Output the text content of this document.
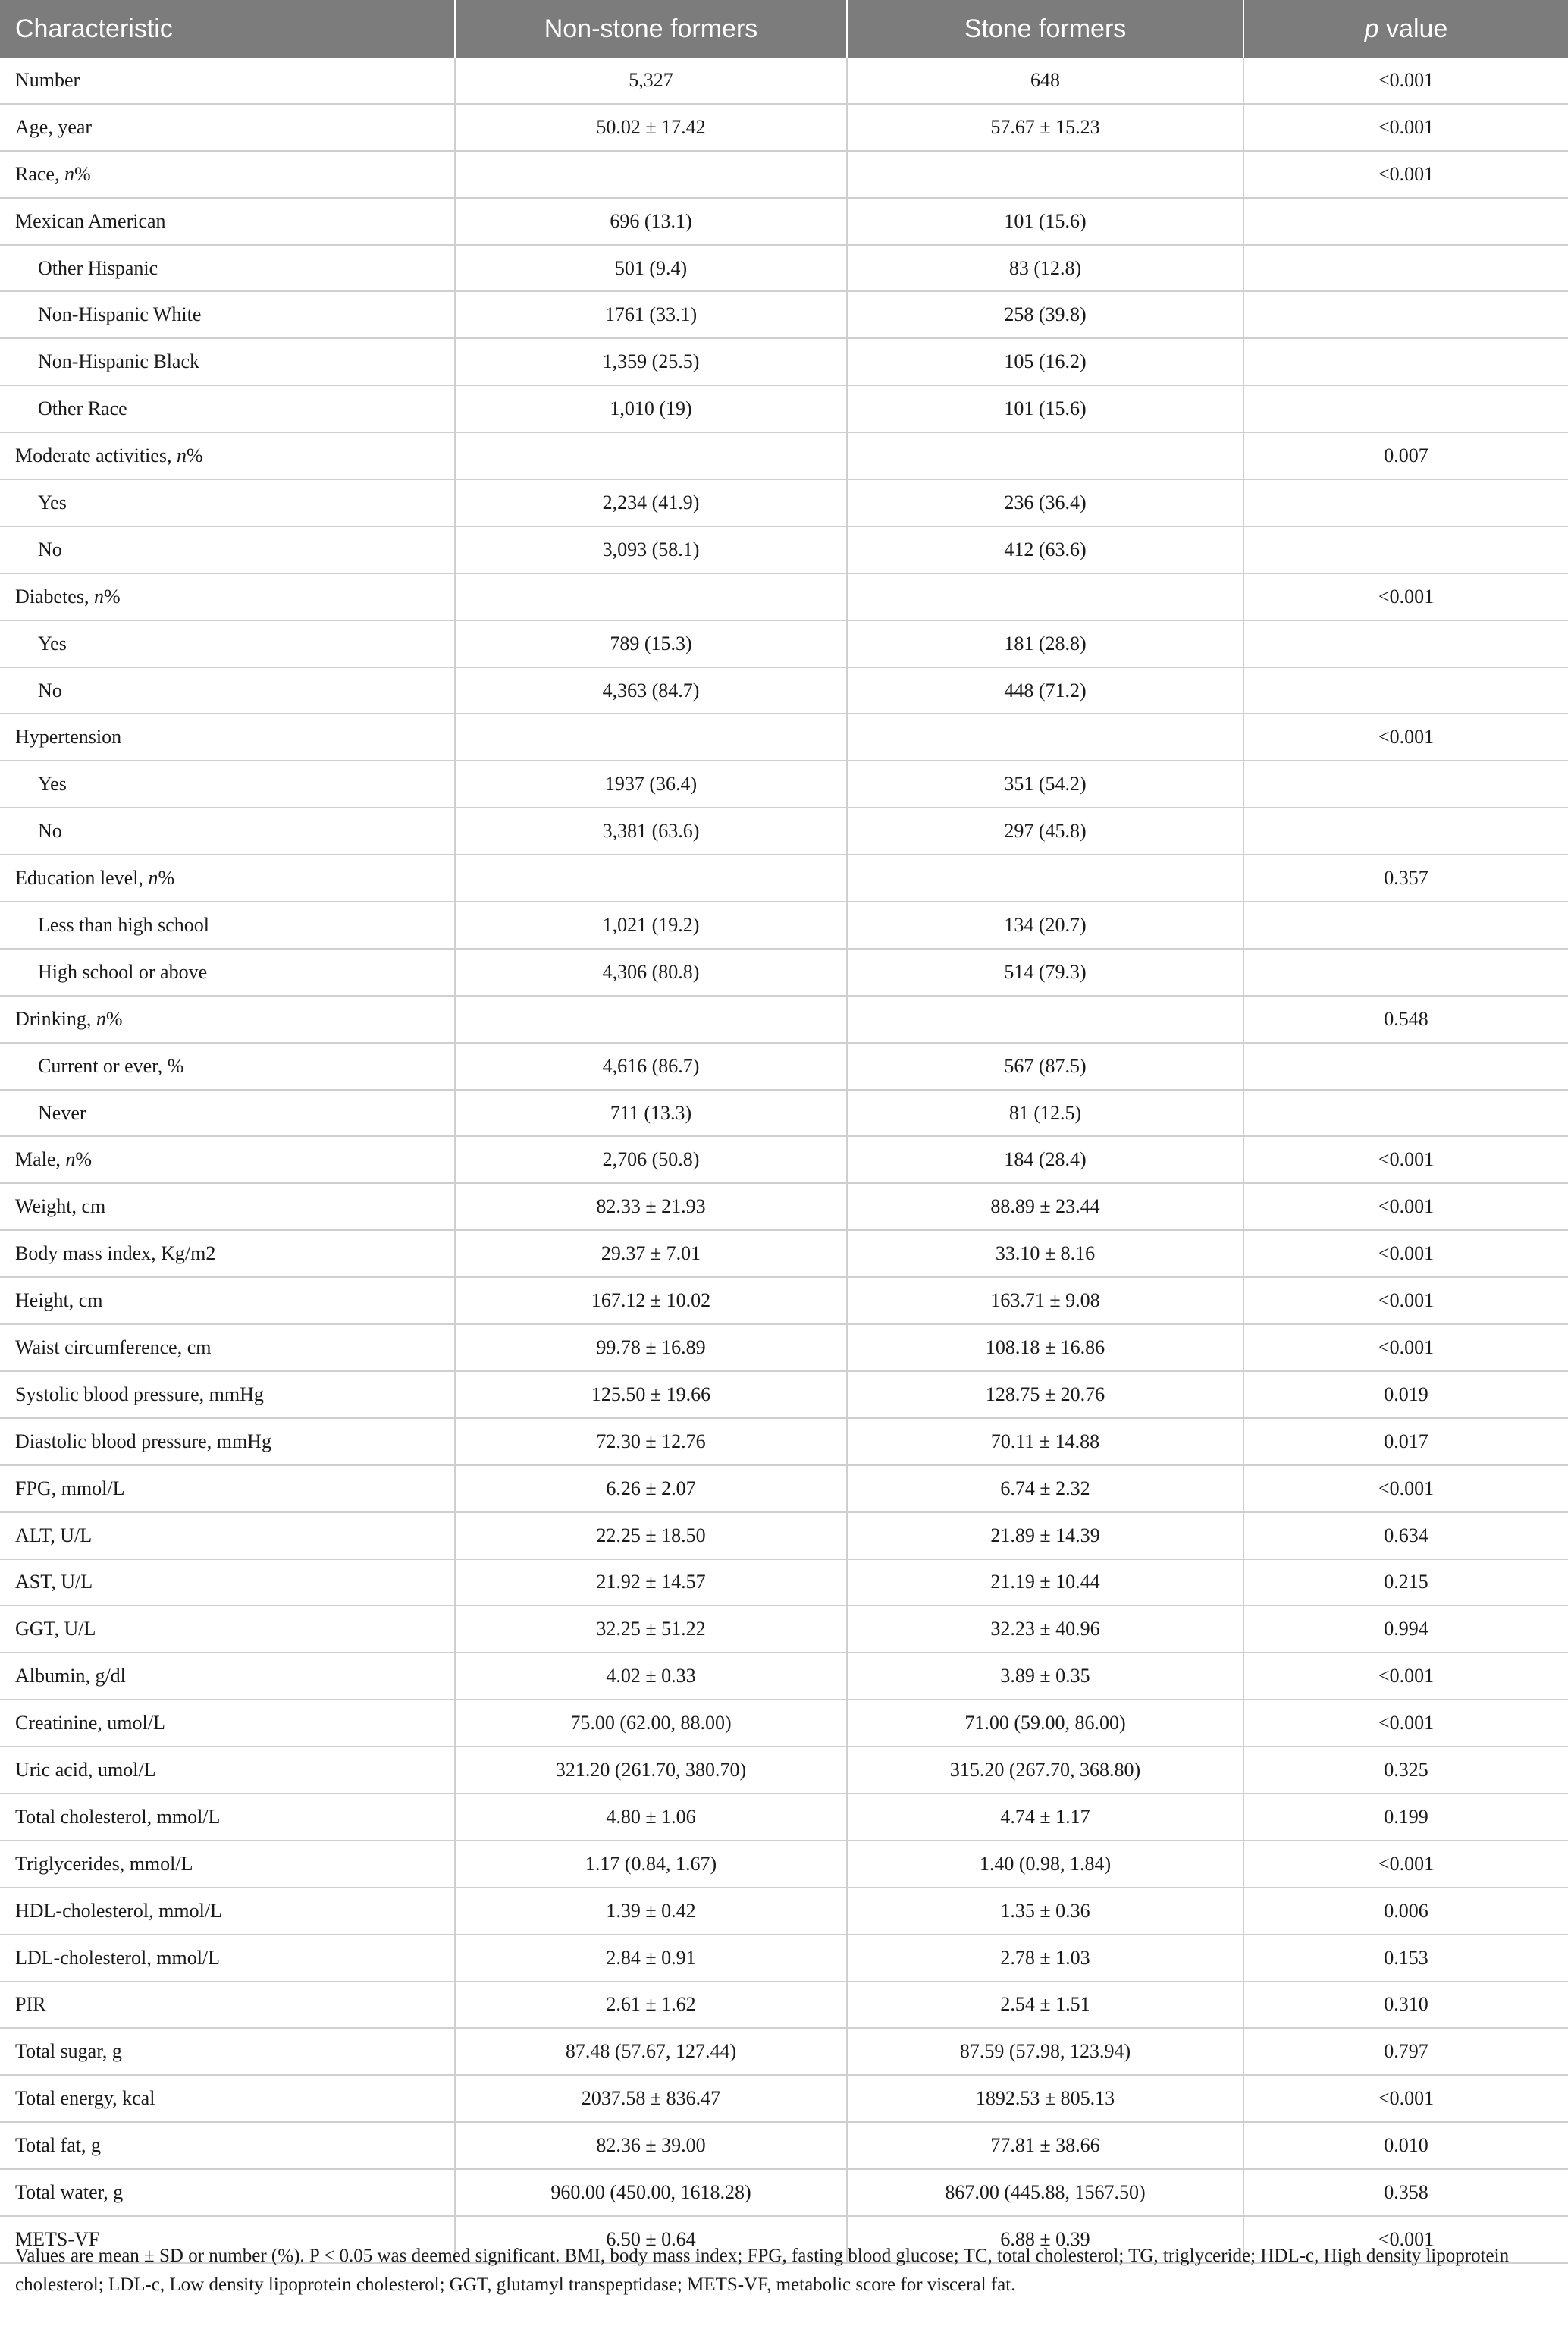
Characteristic	Non-stone formers	Stone formers	p value
Number	5,327	648	<0.001
Age, year	50.02 ± 17.42	57.67 ± 15.23	<0.001
Race, n%			<0.001
Mexican American	696 (13.1)	101 (15.6)	
Other Hispanic	501 (9.4)	83 (12.8)	
Non-Hispanic White	1761 (33.1)	258 (39.8)	
Non-Hispanic Black	1,359 (25.5)	105 (16.2)	
Other Race	1,010 (19)	101 (15.6)	
Moderate activities, n%			0.007
Yes	2,234 (41.9)	236 (36.4)	
No	3,093 (58.1)	412 (63.6)	
Diabetes, n%			<0.001
Yes	789 (15.3)	181 (28.8)	
No	4,363 (84.7)	448 (71.2)	
Hypertension			<0.001
Yes	1937 (36.4)	351 (54.2)	
No	3,381 (63.6)	297 (45.8)	
Education level, n%			0.357
Less than high school	1,021 (19.2)	134 (20.7)	
High school or above	4,306 (80.8)	514 (79.3)	
Drinking, n%			0.548
Current or ever, %	4,616 (86.7)	567 (87.5)	
Never	711 (13.3)	81 (12.5)	
Male, n%	2,706 (50.8)	184 (28.4)	<0.001
Weight, cm	82.33 ± 21.93	88.89 ± 23.44	<0.001
Body mass index, Kg/m2	29.37 ± 7.01	33.10 ± 8.16	<0.001
Height, cm	167.12 ± 10.02	163.71 ± 9.08	<0.001
Waist circumference, cm	99.78 ± 16.89	108.18 ± 16.86	<0.001
Systolic blood pressure, mmHg	125.50 ± 19.66	128.75 ± 20.76	0.019
Diastolic blood pressure, mmHg	72.30 ± 12.76	70.11 ± 14.88	0.017
FPG, mmol/L	6.26 ± 2.07	6.74 ± 2.32	<0.001
ALT, U/L	22.25 ± 18.50	21.89 ± 14.39	0.634
AST, U/L	21.92 ± 14.57	21.19 ± 10.44	0.215
GGT, U/L	32.25 ± 51.22	32.23 ± 40.96	0.994
Albumin, g/dl	4.02 ± 0.33	3.89 ± 0.35	<0.001
Creatinine, umol/L	75.00 (62.00, 88.00)	71.00 (59.00, 86.00)	<0.001
Uric acid, umol/L	321.20 (261.70, 380.70)	315.20 (267.70, 368.80)	0.325
Total cholesterol, mmol/L	4.80 ± 1.06	4.74 ± 1.17	0.199
Triglycerides, mmol/L	1.17 (0.84, 1.67)	1.40 (0.98, 1.84)	<0.001
HDL-cholesterol, mmol/L	1.39 ± 0.42	1.35 ± 0.36	0.006
LDL-cholesterol, mmol/L	2.84 ± 0.91	2.78 ± 1.03	0.153
PIR	2.61 ± 1.62	2.54 ± 1.51	0.310
Total sugar, g	87.48 (57.67, 127.44)	87.59 (57.98, 123.94)	0.797
Total energy, kcal	2037.58 ± 836.47	1892.53 ± 805.13	<0.001
Total fat, g	82.36 ± 39.00	77.81 ± 38.66	0.010
Total water, g	960.00 (450.00, 1618.28)	867.00 (445.88, 1567.50)	0.358
METS-VF	6.50 ± 0.64	6.88 ± 0.39	<0.001
Values are mean ± SD or number (%). P < 0.05 was deemed significant. BMI, body mass index; FPG, fasting blood glucose; TC, total cholesterol; TG, triglyceride; HDL-c, High density lipoprotein cholesterol; LDL-c, Low density lipoprotein cholesterol; GGT, glutamyl transpeptidase; METS-VF, metabolic score for visceral fat.
